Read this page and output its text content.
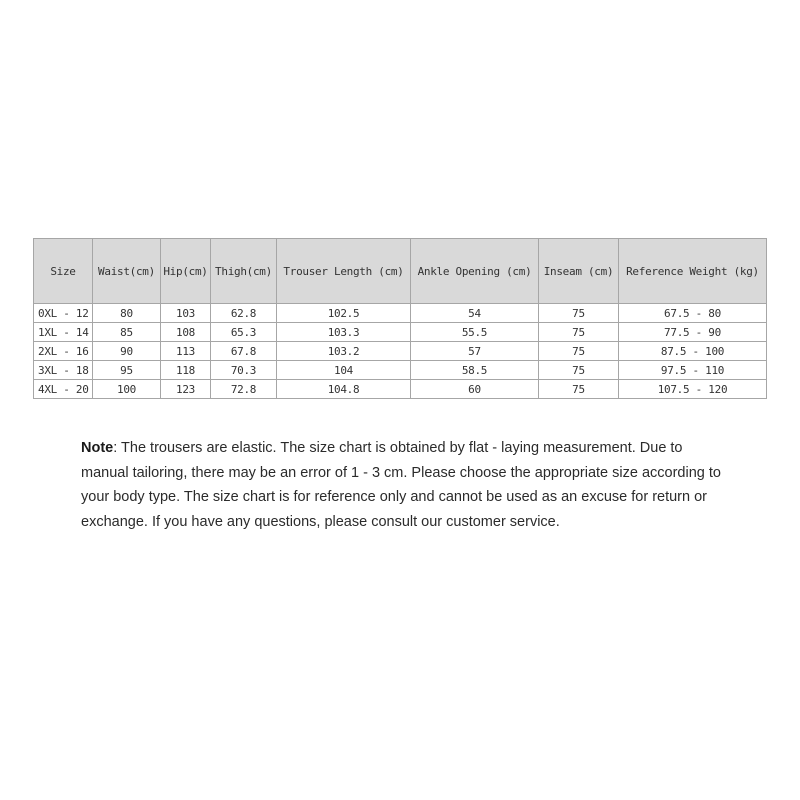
Size	Waist(cm)	Hip(cm)	Thigh(cm)	Trouser Length (cm)	Ankle Opening (cm)	Inseam (cm)	Reference Weight (kg)
0XL - 12	80	103	62.8	102.5	54	75	67.5 - 80
1XL - 14	85	108	65.3	103.3	55.5	75	77.5 - 90
2XL - 16	90	113	67.8	103.2	57	75	87.5 - 100
3XL - 18	95	118	70.3	104	58.5	75	97.5 - 110
4XL - 20	100	123	72.8	104.8	60	75	107.5 - 120

Note: The trousers are elastic. The size chart is obtained by flat - laying measurement. Due to manual tailoring, there may be an error of 1 - 3 cm. Please choose the appropriate size according to your body type. The size chart is for reference only and cannot be used as an excuse for return or exchange. If you have any questions, please consult our customer service.
